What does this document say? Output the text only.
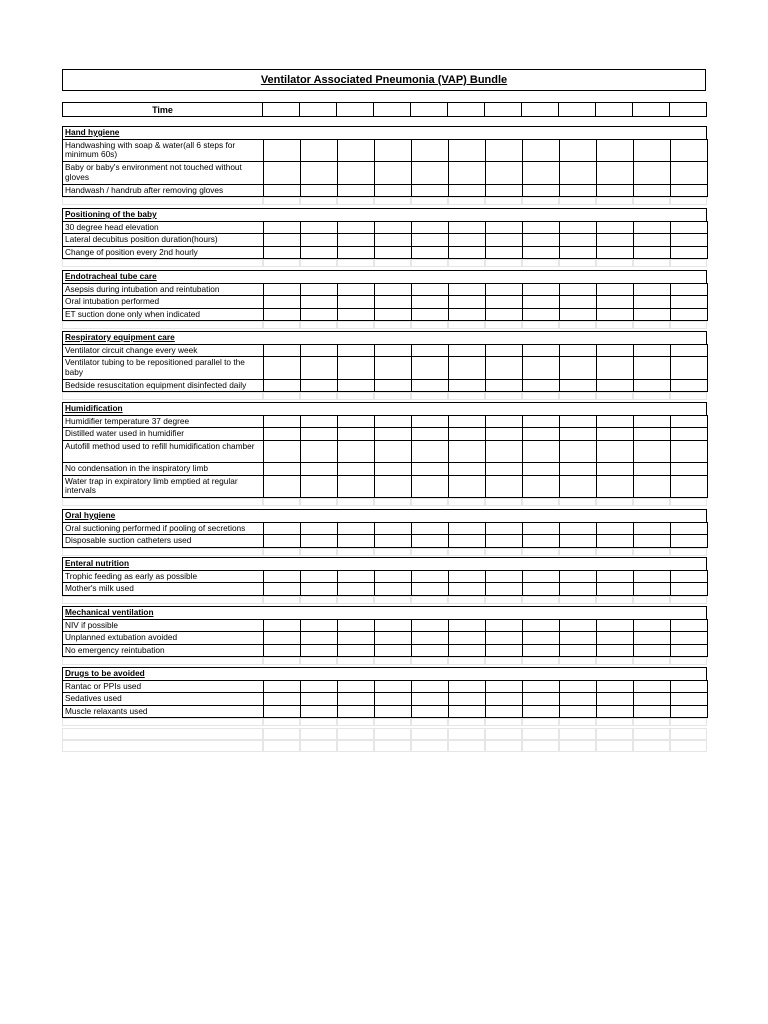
Ventilator Associated Pneumonia (VAP) Bundle
Time
Hand hygiene
Handwashing with soap & water(all 6 steps for minimum 60s)
Baby or baby's environment not touched without gloves
Handwash / handrub after removing gloves
Positioning of the baby
30 degree head elevation
Lateral decubitus position duration(hours)
Change of position every 2nd hourly
Endotracheal tube care
Asepsis during intubation and reintubation
Oral intubation performed
ET suction done only when indicated
Respiratory equipment care
Ventilator circuit change every week
Ventilator tubing to be repositioned parallel to the baby
Bedside resuscitation equipment disinfected daily
Humidification
Humidifier temperature 37 degree
Distilled water used in humidifier
Autofill method used to refill humidification chamber
No condensation in the inspiratory limb
Water trap in expiratory limb emptied at regular intervals
Oral hygiene
Oral suctioning performed if pooling of secretions
Disposable suction catheters used
Enteral nutrition
Trophic feeding as early as possible
Mother's milk used
Mechanical ventilation
NIV if possible
Unplanned extubation avoided
No emergency reintubation
Drugs to be avoided
Rantac or PPIs used
Sedatives used
Muscle relaxants used
